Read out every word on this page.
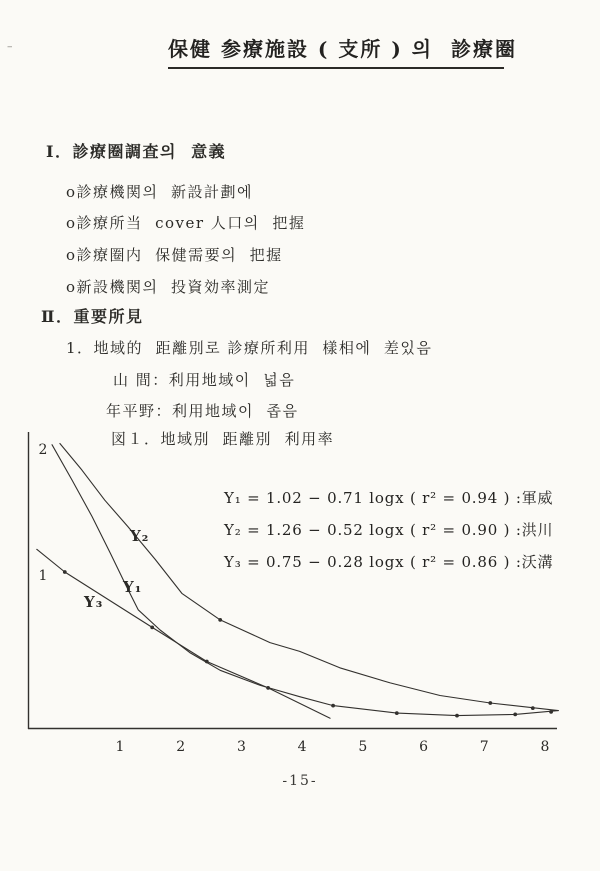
–	保健 参療施設 ( 支所 ) 의  診療圈
Ⅰ．診療圈調査의  意義
o診療機関의  新設計劃에
o診療所当  cover 人口의  把握
o診療圈内  保健需要의  把握
o新設機関의  投資効率測定
Ⅱ．重要所見
1．地域的  距離別로 診療所利用  樣相에  差있음
山 間：利用地域이  넓음
年平野：利用地域이  좁음
図１．地域別  距離別  利用率
Y₁ = 1.02 − 0.71 logx ( r² = 0.94 ) :軍威
Y₂ = 1.26 − 0.52 logx ( r² = 0.90 ) :洪川
Y₃ = 0.75 − 0.28 logx ( r² = 0.86 ) :沃溝
1	2	3	4	5	6	7	8
2
1
Y₁
Y₂
Y₃
-15-
